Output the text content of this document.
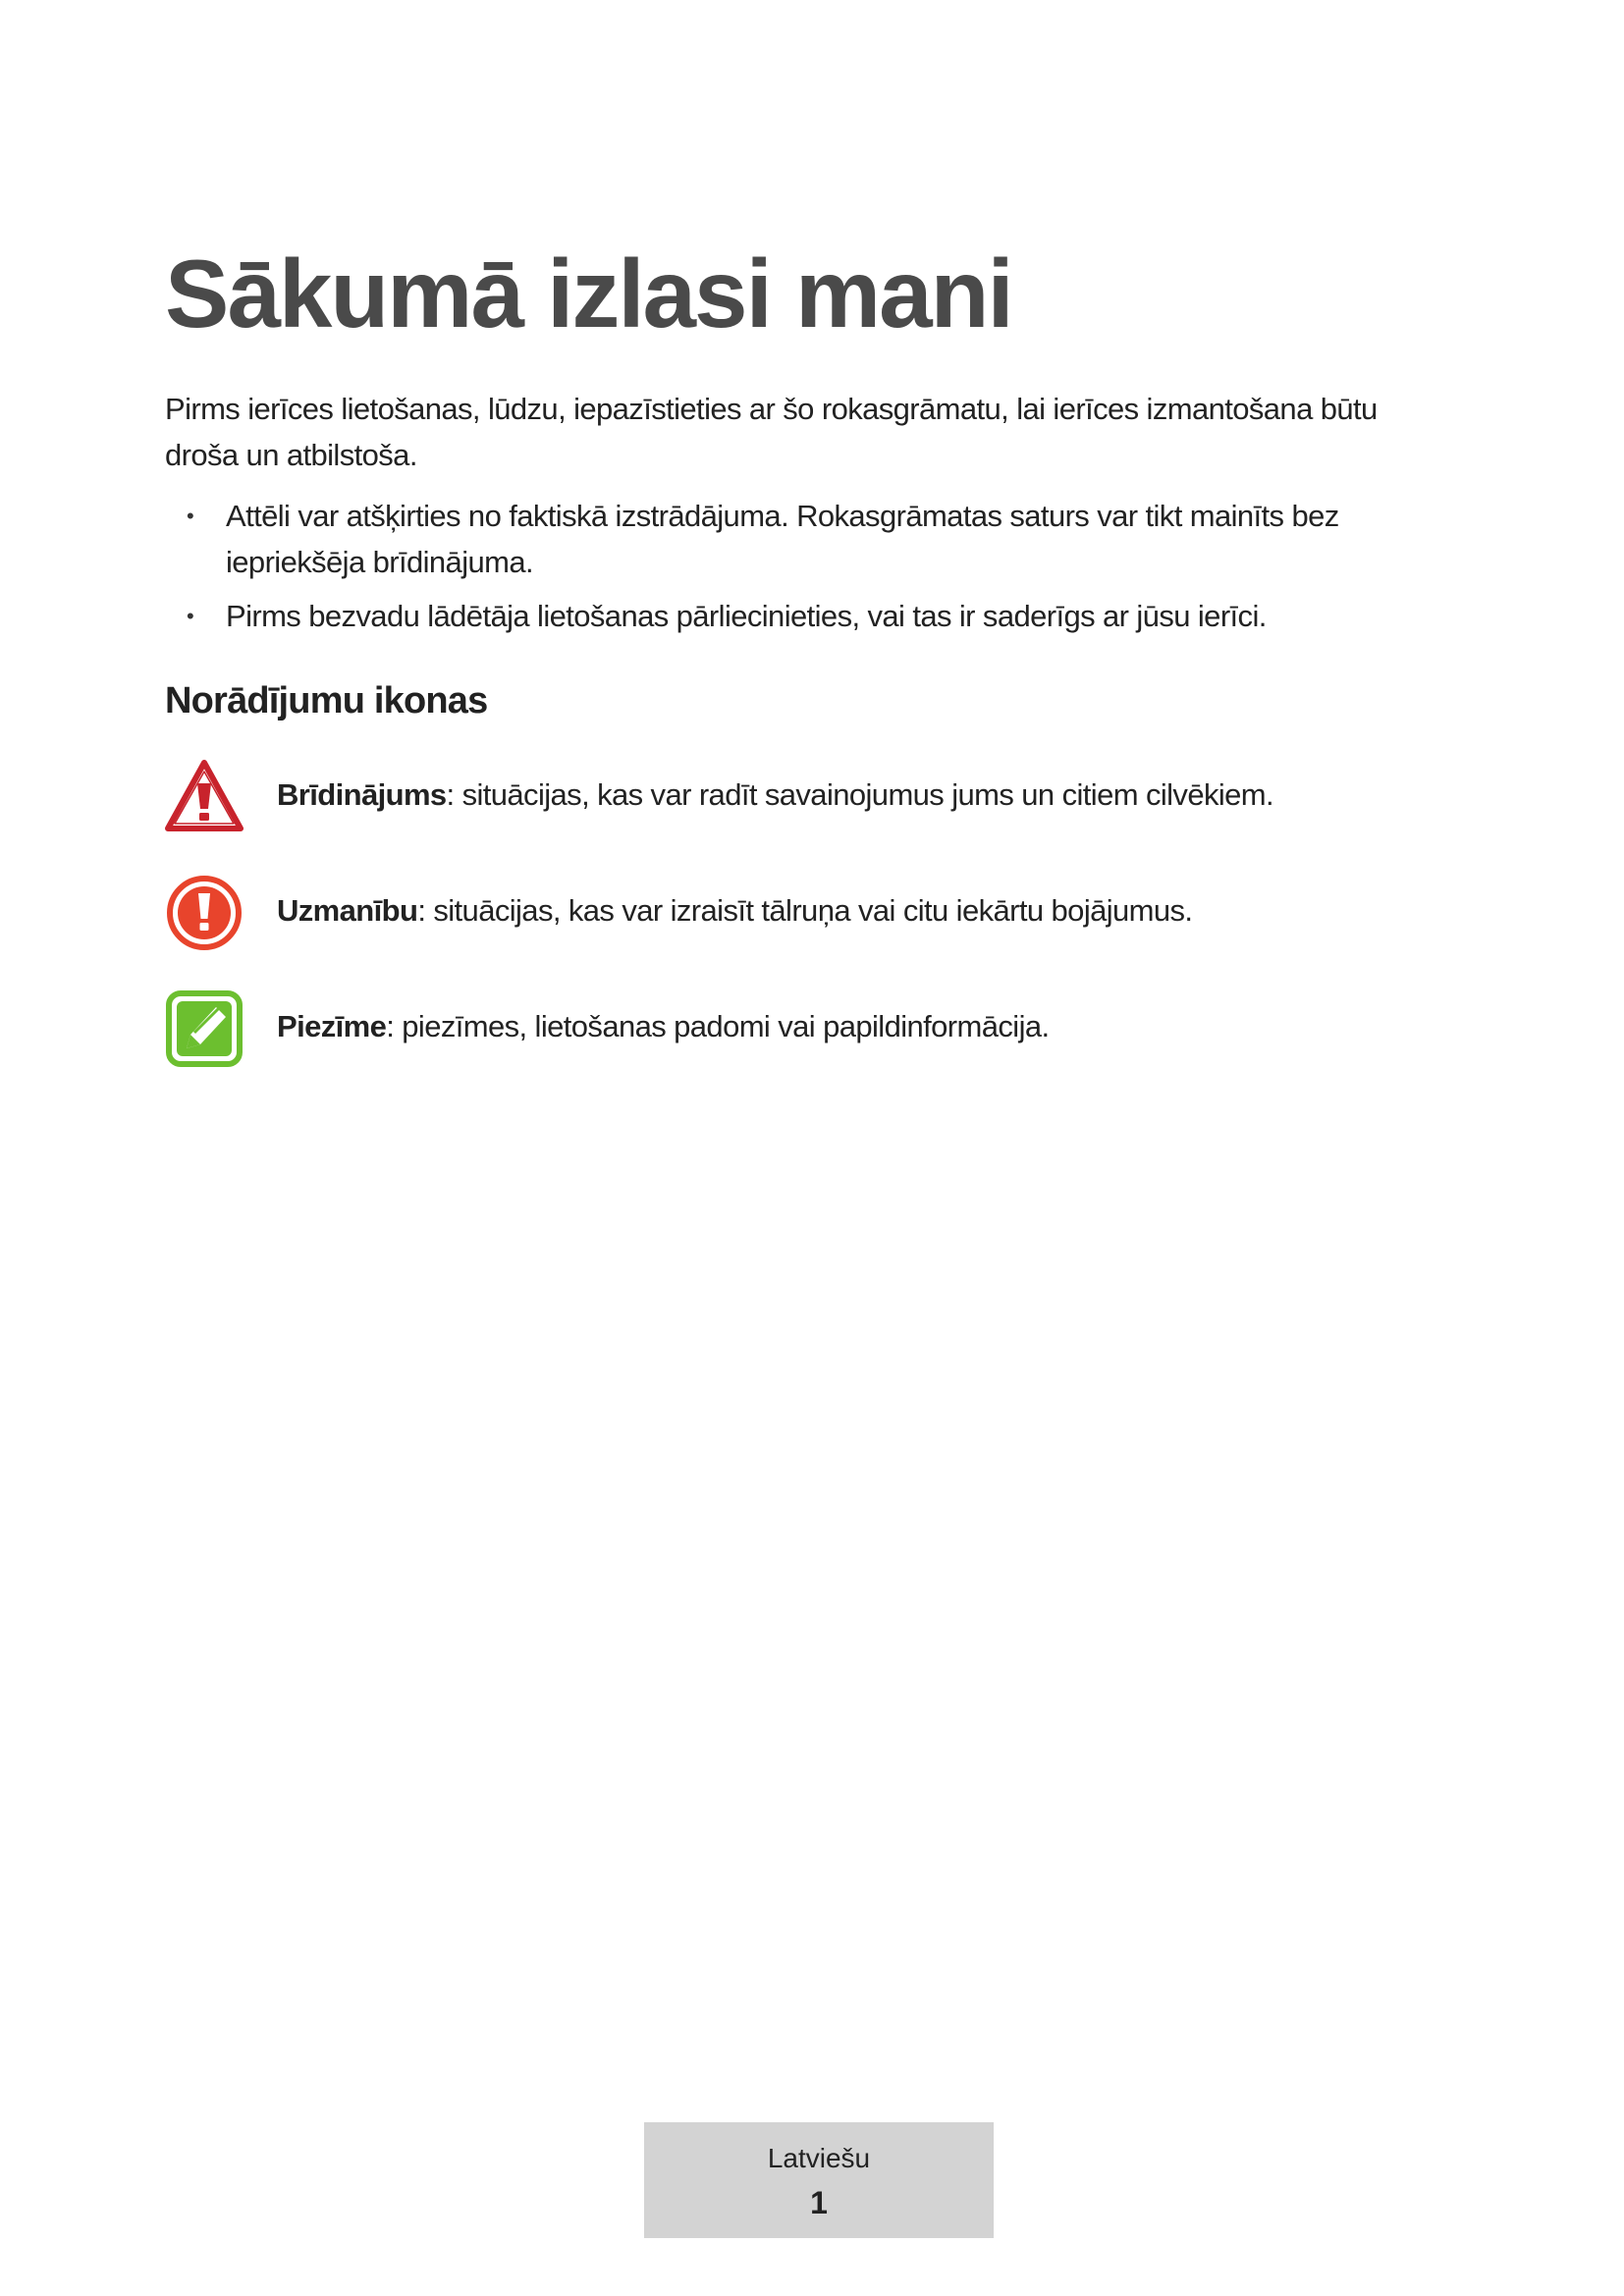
Sākumā izlasi mani

Pirms ierīces lietošanas, lūdzu, iepazīstieties ar šo rokasgrāmatu, lai ierīces izmantošana būtu droša un atbilstoša.

• Attēli var atšķirties no faktiskā izstrādājuma. Rokasgrāmatas saturs var tikt mainīts bez iepriekšēja brīdinājuma.
• Pirms bezvadu lādētāja lietošanas pārliecinieties, vai tas ir saderīgs ar jūsu ierīci.
Norādījumu ikonas
Brīdinājums: situācijas, kas var radīt savainojumus jums un citiem cilvēkiem.
Uzmanību: situācijas, kas var izraisīt tālruņa vai citu iekārtu bojājumus.
Piezīme: piezīmes, lietošanas padomi vai papildinformācija.
Latviešu
1
